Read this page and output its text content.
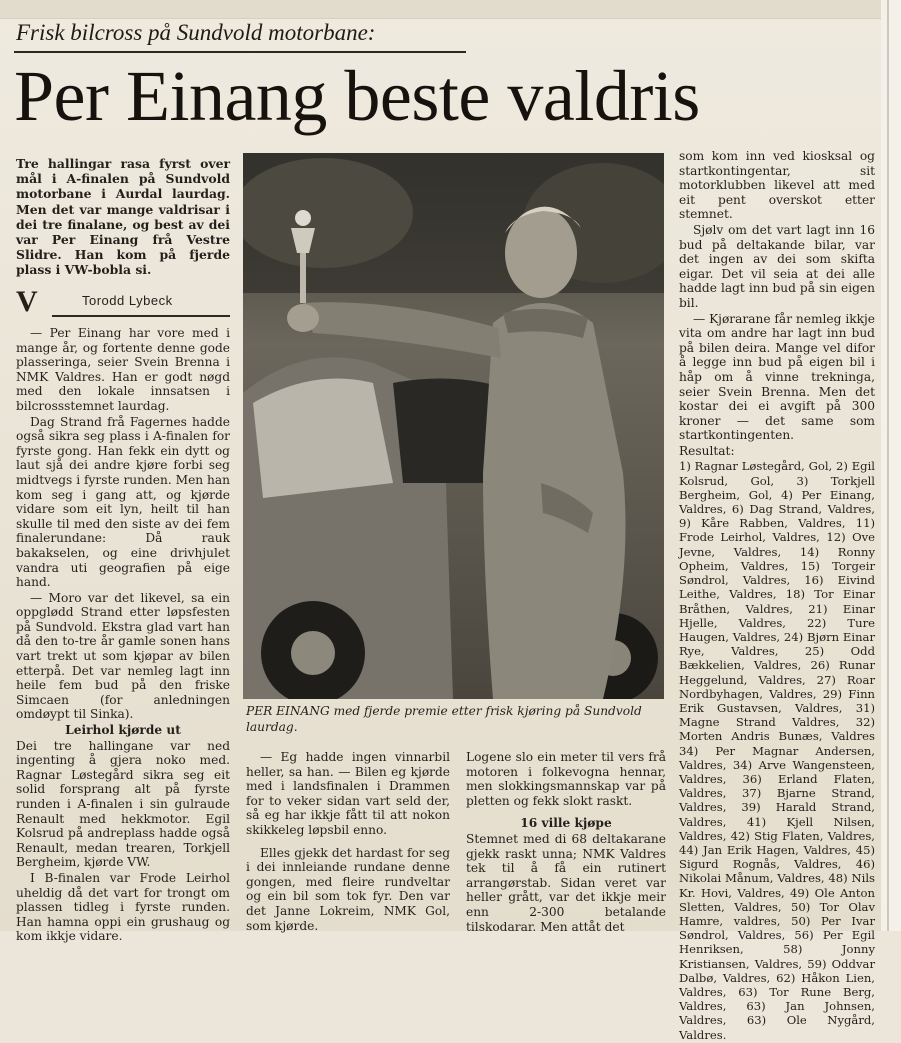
Frisk bilcross på Sundvold motorbane:
Per Einang beste valdris
Tre hallingar rasa fyrst over mål i A-finalen på Sundvold motorbane i Aurdal laurdag. Men det var mange valdrisar i dei tre finalane, og best av dei var Per Einang frå Vestre Slidre. Han kom på fjerde plass i VW-bobla si.
V	Torodd Lybeck

— Per Einang har vore med i mange år, og fortente denne gode plasseringa, seier Svein Brenna i NMK Valdres. Han er godt nøgd med den lokale innsatsen i bilcrossstemnet laurdag.

Dag Strand frå Fagernes hadde også sikra seg plass i A-finalen for fyrste gong. Han fekk ein dytt og laut sjå dei andre kjøre forbi seg midtvegs i fyrste runden. Men han kom seg i gang att, og kjørde vidare som eit lyn, heilt til han skulle til med den siste av dei fem finalerundane: Då rauk bakakselen, og eine drivhjulet vandra uti geografien på eige hand.

— Moro var det likevel, sa ein oppglødd Strand etter løpsfesten på Sundvold. Ekstra glad vart han då den to-tre år gamle sonen hans vart trekt ut som kjøpar av bilen etterpå. Det var nemleg lagt inn heile fem bud på den friske Simcaen (for anledningen omdøypt til Sinka).

Leirhol kjørde ut

Dei tre hallingane var ned ingenting å gjera noko med. Ragnar Løstegård sikra seg eit solid forsprang alt på fyrste runden i A-finalen i sin gulraude Renault med hekkmotor. Egil Kolsrud på andreplass hadde også Renault, medan trearen, Torkjell Bergheim, kjørde VW.

I B-finalen var Frode Leirhol uheldig då det vart for trongt om plassen tidleg i fyrste runden. Han hamna oppi ein grushaug og kom ikkje vidare.

PER EINANG med fjerde premie etter frisk kjøring på Sundvold laurdag.

— Eg hadde ingen vinnarbil heller, sa han. — Bilen eg kjørde med i landsfinalen i Drammen for to veker sidan vart seld der, så eg har ikkje fått til att nokon skikkeleg løpsbil enno.

Elles gjekk det hardast for seg i dei innleiande rundane denne gongen, med fleire rundveltar og ein bil som tok fyr. Den var det Janne Lokreim, NMK Gol, som kjørde.

Logene slo ein meter til vers frå motoren i folkevogna hennar, men slokkingsmannskap var på pletten og fekk slokt raskt.

16 ville kjøpe

Stemnet med di 68 deltakarane gjekk raskt unna; NMK Valdres tek til å få ein rutinert arrangørstab. Sidan veret var heller grått, var det ikkje meir enn 2-300 betalande tilskodarar. Men attåt det

som kom inn ved kiosksal og startkontingentar, sit motorklubben likevel att med eit pent overskot etter stemnet.

Sjølv om det vart lagt inn 16 bud på deltakande bilar, var det ingen av dei som skifta eigar. Det vil seia at dei alle hadde lagt inn bud på sin eigen bil.

— Kjørarane får nemleg ikkje vita om andre har lagt inn bud på bilen deira. Mange vel difor å legge inn bud på eigen bil i håp om å vinne trekninga, seier Svein Brenna. Men det kostar dei ei avgift på 300 kroner — det same som startkontingenten.

Resultat:

1) Ragnar Løstegård, Gol, 2) Egil Kolsrud, Gol, 3) Torkjell Bergheim, Gol, 4) Per Einang, Valdres, 6) Dag Strand, Valdres, 9) Kåre Rabben, Valdres, 11) Frode Leirhol, Valdres, 12) Ove Jevne, Valdres, 14) Ronny Opheim, Valdres, 15) Torgeir Søndrol, Valdres, 16) Eivind Leithe, Valdres, 18) Tor Einar Bråthen, Valdres, 21) Einar Hjelle, Valdres, 22) Ture Haugen, Valdres, 24) Bjørn Einar Rye, Valdres, 25) Odd Bækkelien, Valdres, 26) Runar Heggelund, Valdres, 27) Roar Nordbyhagen, Valdres, 29) Finn Erik Gustavsen, Valdres, 31) Magne Strand Valdres, 32) Morten Andris Bunæs, Valdres 34) Per Magnar Andersen, Valdres, 34) Arve Wangensteen, Valdres, 36) Erland Flaten, Valdres, 37) Bjarne Strand, Valdres, 39) Harald Strand, Valdres, 41) Kjell Nilsen, Valdres, 42) Stig Flaten, Valdres, 44) Jan Erik Hagen, Valdres, 45) Sigurd Rognås, Valdres, 46) Nikolai Månum, Valdres, 48) Nils Kr. Hovi, Valdres, 49) Ole Anton Sletten, Valdres, 50) Tor Olav Hamre, valdres, 50) Per Ivar Søndrol, Valdres, 56) Per Egil Henriksen, 58) Jonny Kristiansen, Valdres, 59) Oddvar Dalbø, Valdres, 62) Håkon Lien, Valdres, 63) Tor Rune Berg, Valdres, 63) Jan Johnsen, Valdres, 63) Ole Nygård, Valdres.
